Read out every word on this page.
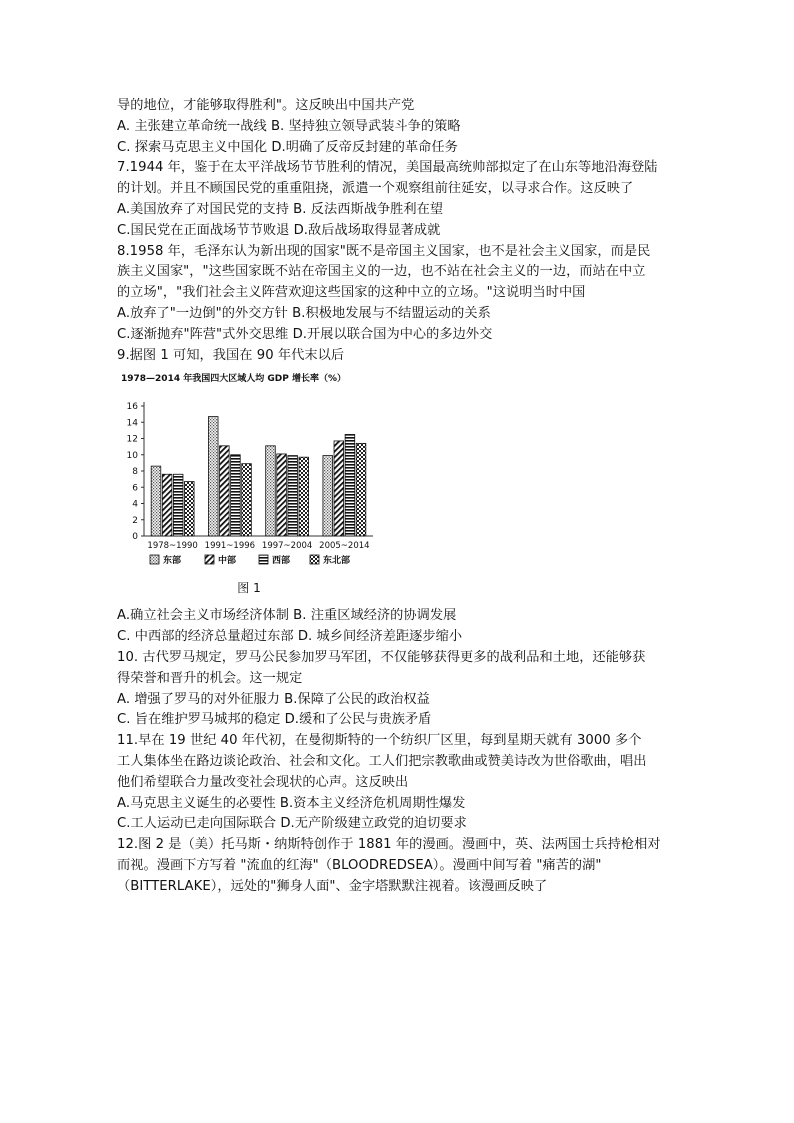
导的地位，才能够取得胜利"。这反映出中国共产党
A. 主张建立革命统一战线 B. 坚持独立领导武装斗争的策略
C. 探索马克思主义中国化 D.明确了反帝反封建的革命任务
7.1944 年，鉴于在太平洋战场节节胜利的情况，美国最高统帅部拟定了在山东等地沿海登陆
的计划。并且不顾国民党的重重阻挠，派遣一个观察组前往延安，以寻求合作。这反映了
A.美国放弃了对国民党的支持 B. 反法西斯战争胜利在望
C.国民党在正面战场节节败退 D.敌后战场取得显著成就
8.1958 年，毛泽东认为新出现的国家"既不是帝国主义国家，也不是社会主义国家，而是民
族主义国家"，"这些国家既不站在帝国主义的一边，也不站在社会主义的一边，而站在中立
的立场"，"我们社会主义阵营欢迎这些国家的这种中立的立场。"这说明当时中国
A.放弃了"一边倒"的外交方针 B.积极地发展与不结盟运动的关系
C.逐渐抛弃"阵营"式外交思维 D.开展以联合国为中心的多边外交
9.据图 1 可知，我国在 90 年代末以后
1978—2014 年我国四大区域人均 GDP 增长率（%）
0
2
4
6
8
10
12
14
16
1978~1990 1991~1996 1997~2004 2005~2014
东部	中部	西部	东北部
图 1
A.确立社会主义市场经济体制 B. 注重区域经济的协调发展
C. 中西部的经济总量超过东部 D. 城乡间经济差距逐步缩小
10. 古代罗马规定，罗马公民参加罗马军团，不仅能够获得更多的战利品和土地，还能够获
得荣誉和晋升的机会。这一规定
A. 增强了罗马的对外征服力 B.保障了公民的政治权益
C. 旨在维护罗马城邦的稳定 D.缓和了公民与贵族矛盾
11.早在 19 世纪 40 年代初，在曼彻斯特的一个纺织厂区里，每到星期天就有 3000 多个
工人集体坐在路边谈论政治、社会和文化。工人们把宗教歌曲或赞美诗改为世俗歌曲，唱出
他们希望联合力量改变社会现状的心声。这反映出
A.马克思主义诞生的必要性 B.资本主义经济危机周期性爆发
C.工人运动已走向国际联合 D.无产阶级建立政党的迫切要求
12.图 2 是（美）托马斯・纳斯特创作于 1881 年的漫画。漫画中，英、法两国士兵持枪相对
而视。漫画下方写着 "流血的红海"（BLOODREDSEA）。漫画中间写着 "痛苦的湖"
（BITTERLAKE），远处的"狮身人面"、金字塔默默注视着。该漫画反映了
